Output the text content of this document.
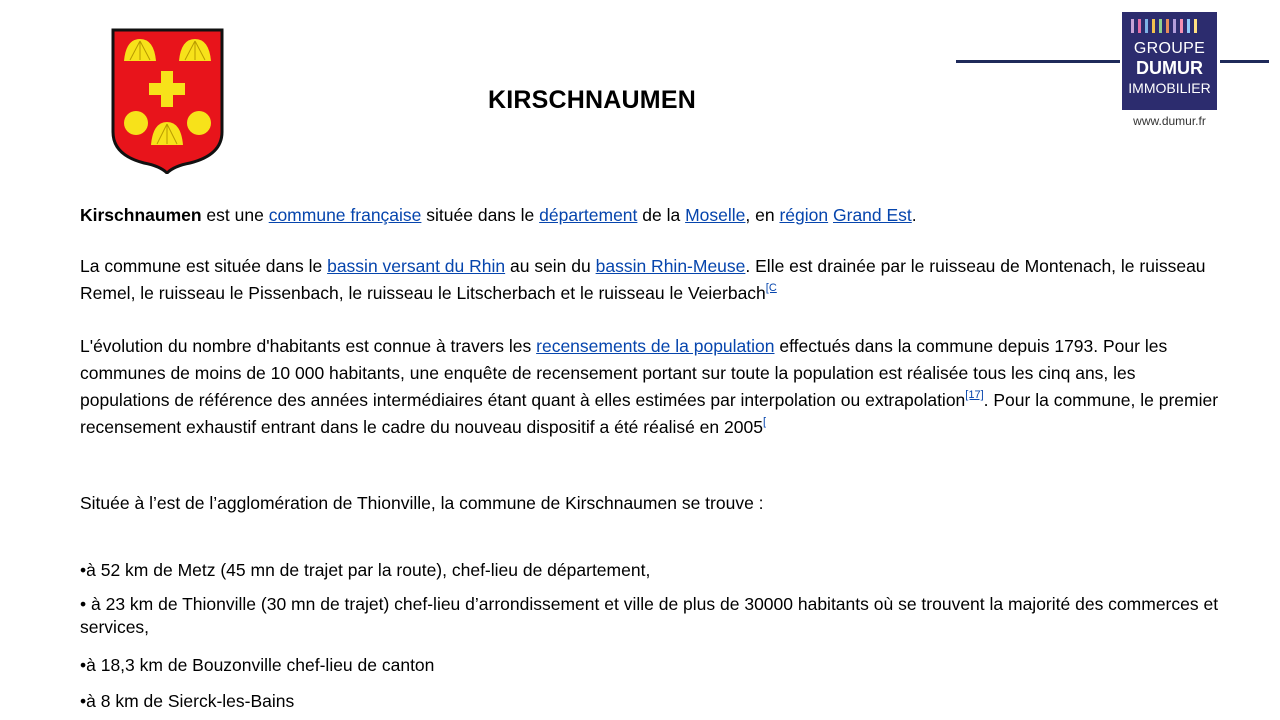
KIRSCHNAUMEN
GROUPE
DUMUR
IMMOBILIER
www.dumur.fr
Kirschnaumen est une commune française située dans le département de la Moselle, en région Grand Est.
La commune est située dans le bassin versant du Rhin au sein du bassin Rhin-Meuse. Elle est drainée par le ruisseau de Montenach, le ruisseau Remel, le ruisseau le Pissenbach, le ruisseau le Litscherbach et le ruisseau le Veierbach$^{[C}$
L'évolution du nombre d'habitants est connue à travers les recensements de la population effectués dans la commune depuis 1793. Pour les communes de moins de 10 000 habitants, une enquête de recensement portant sur toute la population est réalisée tous les cinq ans, les populations de référence des années intermédiaires étant quant à elles estimées par interpolation ou extrapolation[17]. Pour la commune, le premier recensement exhaustif entrant dans le cadre du nouveau dispositif a été réalisé en 2005[
Située à l’est de l’agglomération de Thionville, la commune de Kirschnaumen se trouve :
•à 52 km de Metz (45 mn de trajet par la route), chef-lieu de département,
• à 23 km de Thionville (30 mn de trajet) chef-lieu d’arrondissement et ville de plus de 30000 habitants où se trouvent la majorité des commerces et services,
•à 18,3 km de Bouzonville chef-lieu de canton
•à 8 km de Sierck-les-Bains
